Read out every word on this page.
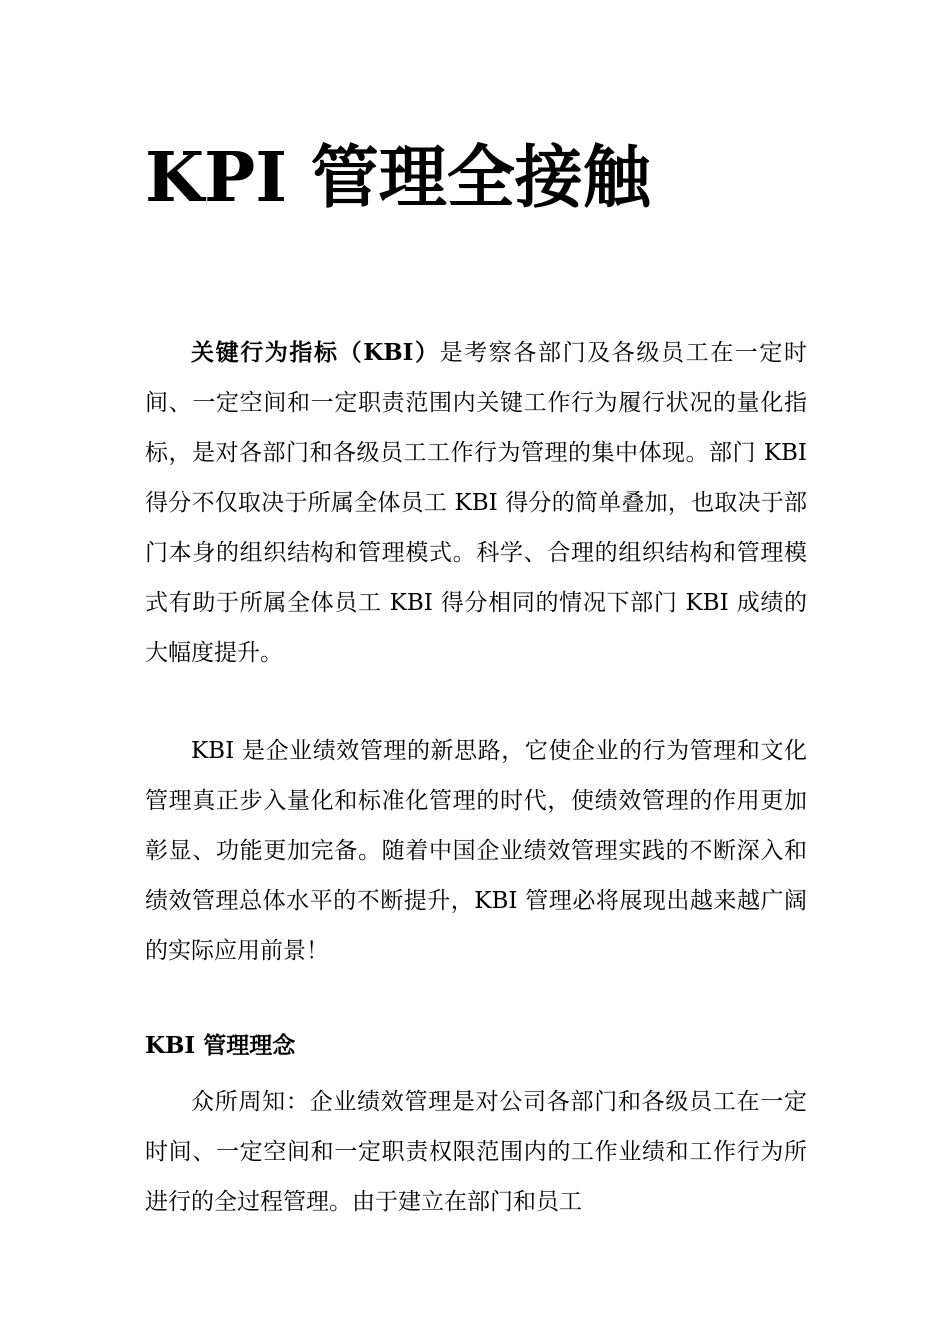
KPI 管理全接触

关键行为指标（KBI）是考察各部门及各级员工在一定时间、一定空间和一定职责范围内关键工作行为履行状况的量化指标，是对各部门和各级员工工作行为管理的集中体现。部门 KBI 得分不仅取决于所属全体员工 KBI 得分的简单叠加，也取决于部门本身的组织结构和管理模式。科学、合理的组织结构和管理模式有助于所属全体员工 KBI 得分相同的情况下部门 KBI 成绩的大幅度提升。

KBI 是企业绩效管理的新思路，它使企业的行为管理和文化管理真正步入量化和标准化管理的时代，使绩效管理的作用更加彰显、功能更加完备。随着中国企业绩效管理实践的不断深入和绩效管理总体水平的不断提升，KBI 管理必将展现出越来越广阔的实际应用前景！

KBI 管理理念

众所周知：企业绩效管理是对公司各部门和各级员工在一定时间、一定空间和一定职责权限范围内的工作业绩和工作行为所进行的全过程管理。由于建立在部门和员工
